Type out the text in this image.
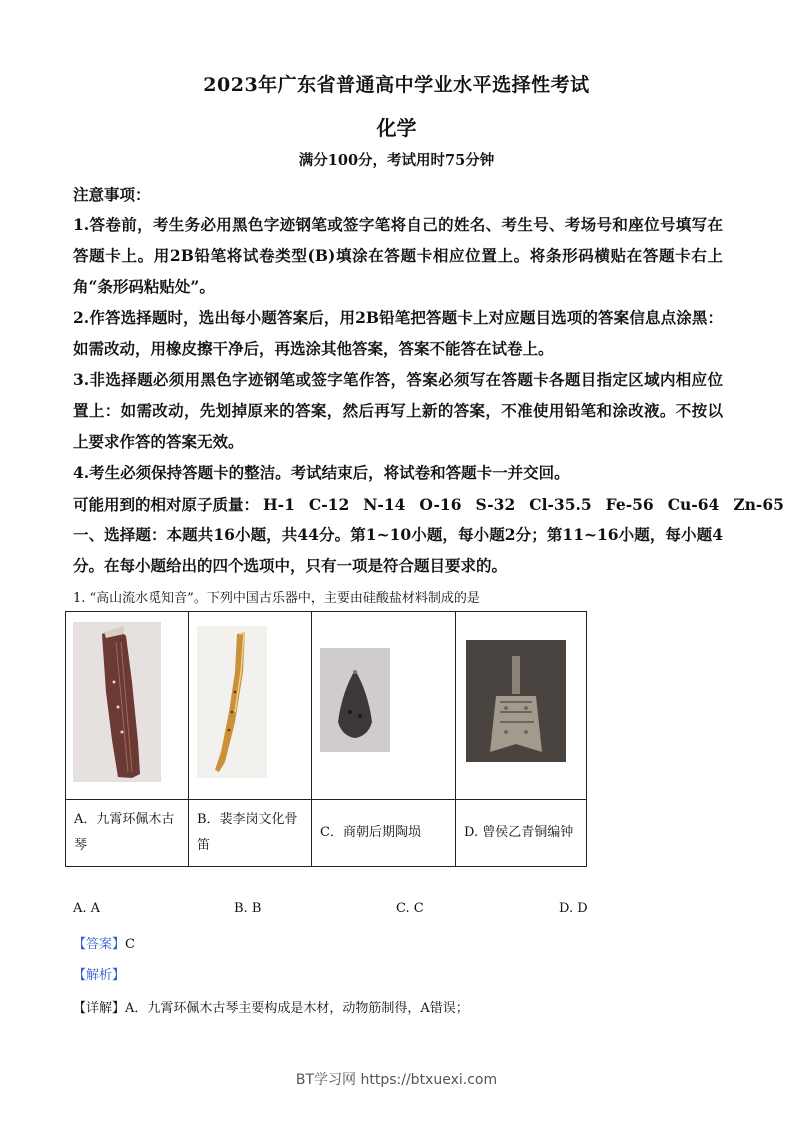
2023年广东省普通高中学业水平选择性考试
化学
满分100分，考试用时75分钟
注意事项：
1.答卷前，考生务必用黑色字迹钢笔或签字笔将自己的姓名、考生号、考场号和座位号填写在答题卡上。用2B铅笔将试卷类型(B)填涂在答题卡相应位置上。将条形码横贴在答题卡右上角“条形码粘贴处”。
2.作答选择题时，选出每小题答案后，用2B铅笔把答题卡上对应题目选项的答案信息点涂黑：如需改动，用橡皮擦干净后，再选涂其他答案，答案不能答在试卷上。
3.非选择题必须用黑色字迹钢笔或签字笔作答，答案必须写在答题卡各题目指定区域内相应位置上：如需改动，先划掉原来的答案，然后再写上新的答案，不准使用铅笔和涂改液。不按以上要求作答的答案无效。
4.考生必须保持答题卡的整洁。考试结束后，将试卷和答题卡一并交回。
可能用到的相对原子质量： H-1 C-12 N-14 O-16 S-32 Cl-35.5 Fe-56 Cu-64 Zn-65
一、选择题：本题共16小题，共44分。第1~10小题，每小题2分；第11~16小题，每小题4分。在每小题给出的四个选项中，只有一项是符合题目要求的。
1. “高山流水觅知音”。下列中国古乐器中，主要由硅酸盐材料制成的是

A．九霄环佩木古琴	B．裴李岗文化骨笛	C．商朝后期陶埙	D. 曾侯乙青铜编钟
A. A	B. B	C. C	D. D
【答案】C
【解析】
【详解】A．九霄环佩木古琴主要构成是木材，动物筋制得，A错误；
BT学习网 https://btxuexi.com
